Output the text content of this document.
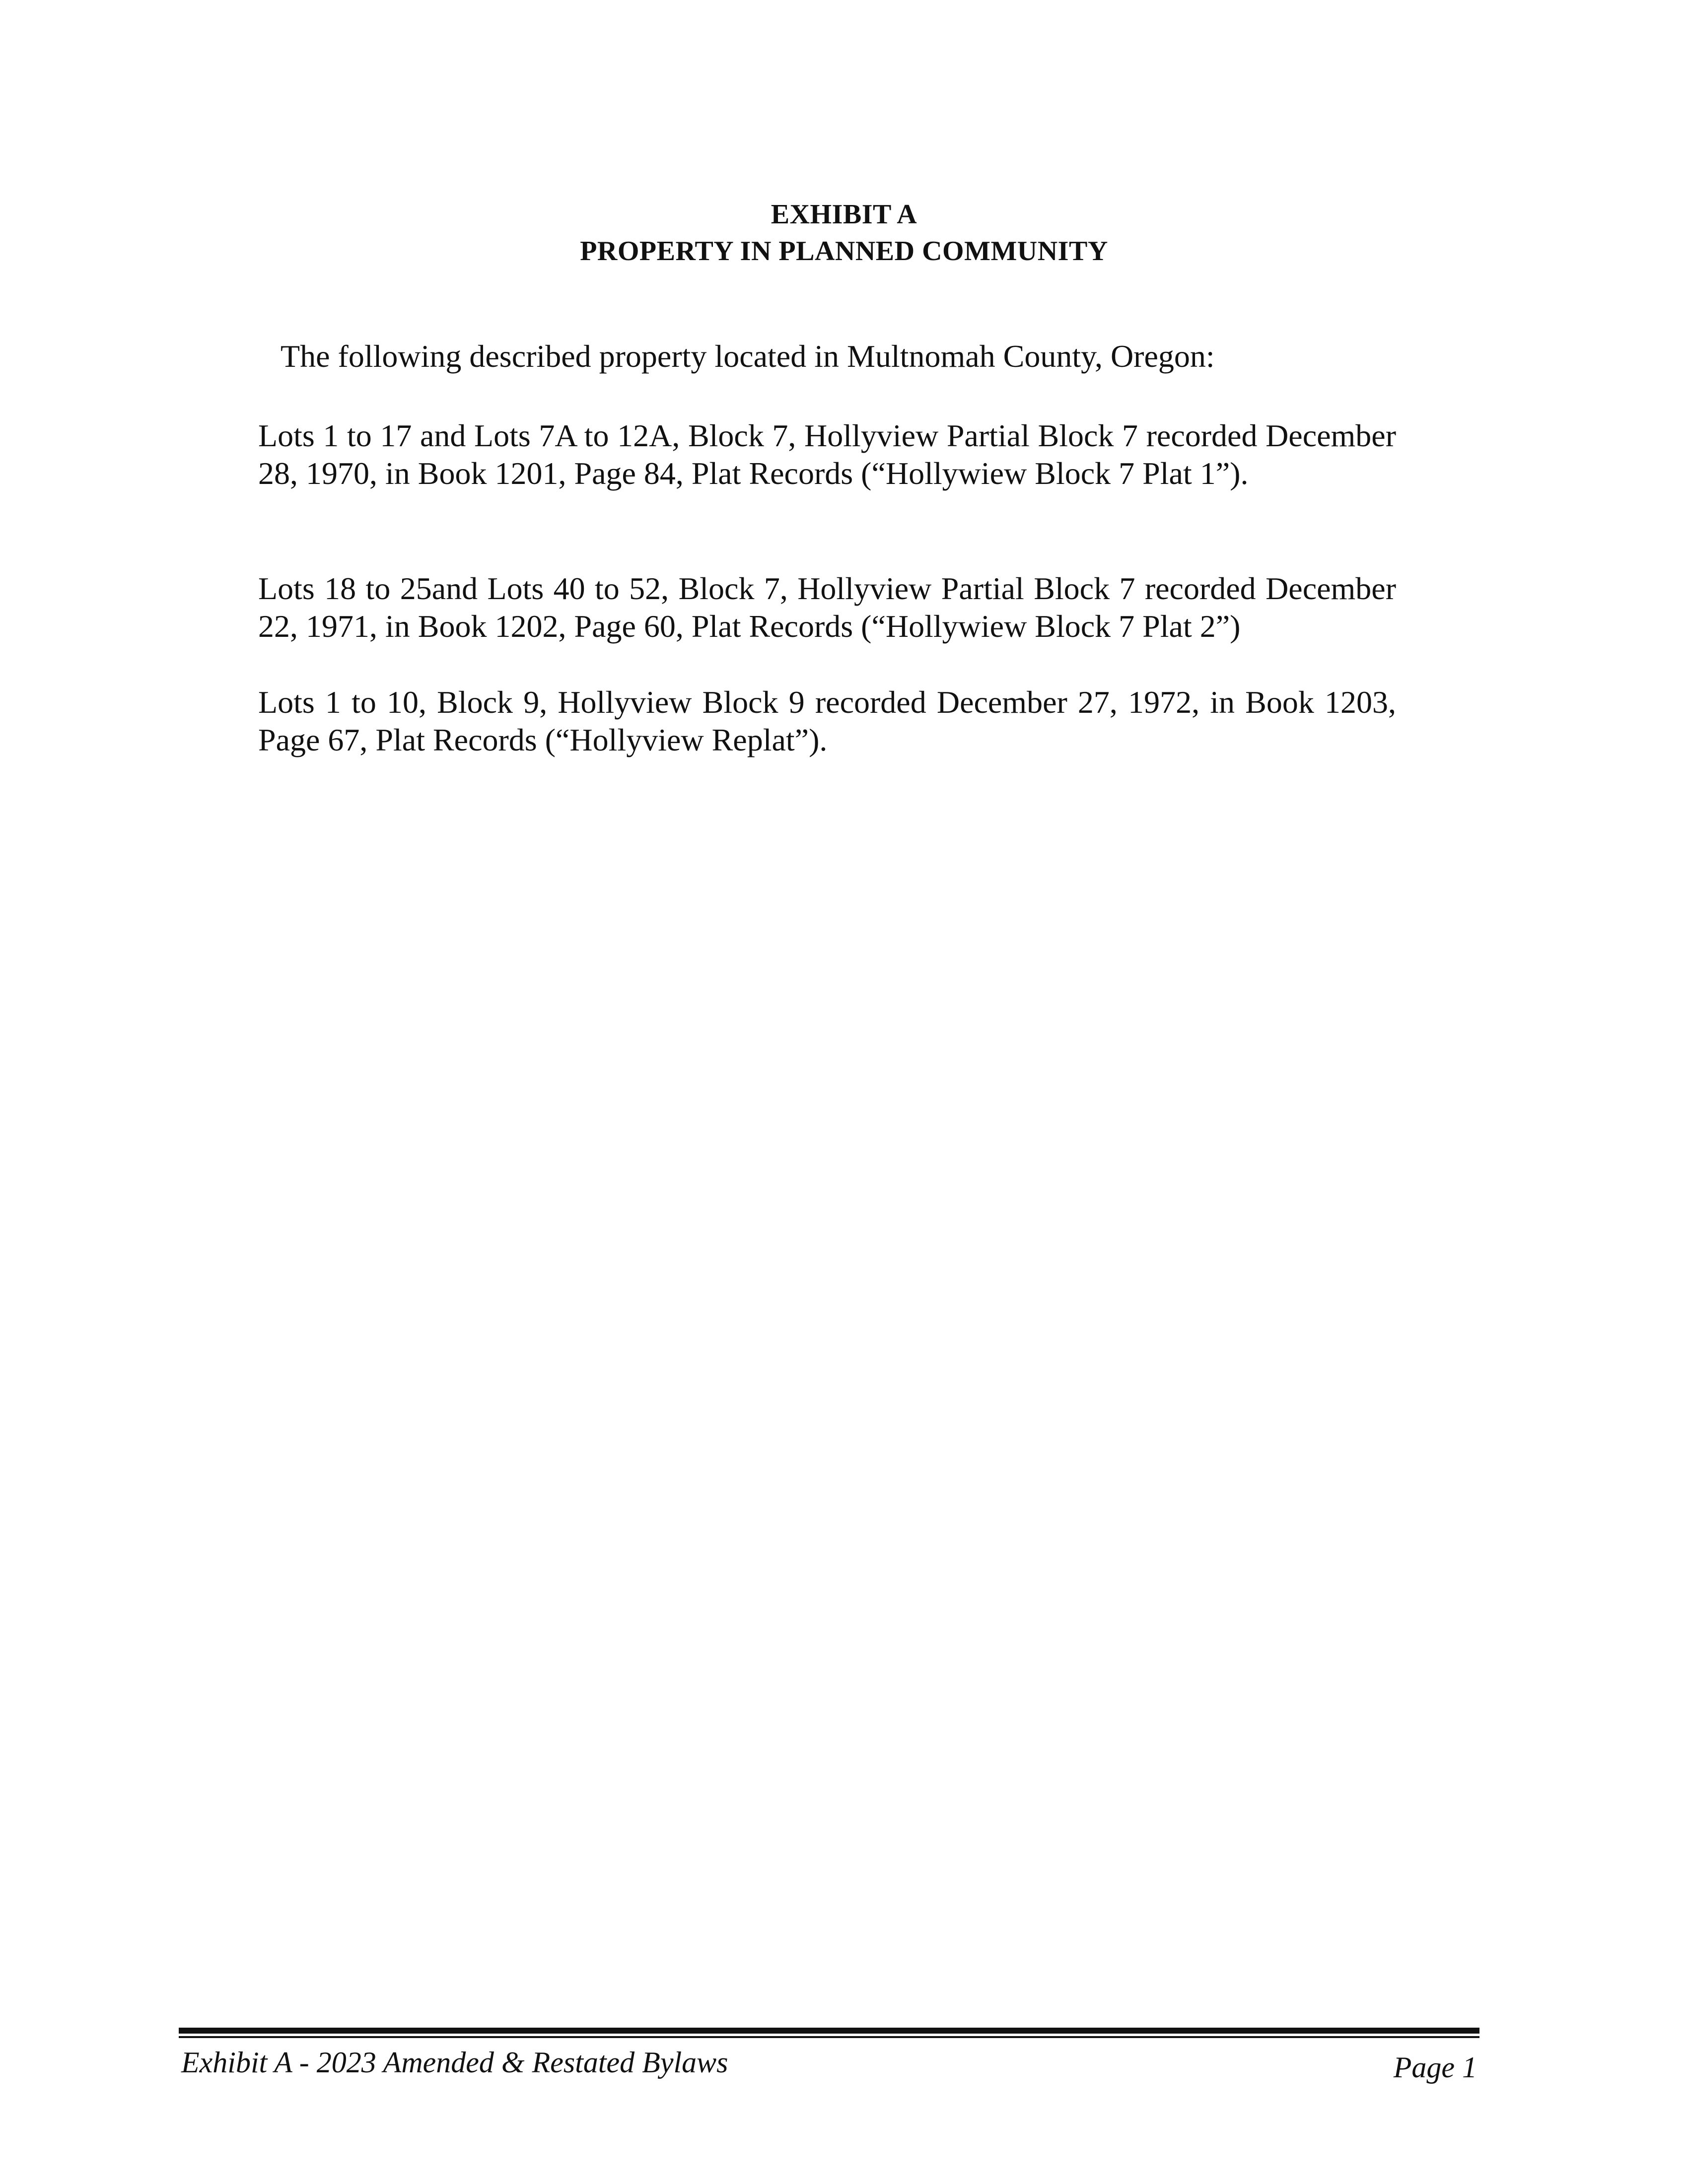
EXHIBIT A
PROPERTY IN PLANNED COMMUNITY
The following described property located in Multnomah County, Oregon:

Lots 1 to 17 and Lots 7A to 12A, Block 7, Hollyview Partial Block 7 recorded December 28, 1970, in Book 1201, Page 84, Plat Records (“Hollywiew Block 7 Plat 1”).

Lots 18 to 25and Lots 40 to 52, Block 7, Hollyview Partial Block 7 recorded December 22, 1971, in Book 1202, Page 60, Plat Records (“Hollywiew Block 7 Plat 2”)

Lots 1 to 10, Block 9, Hollyview Block 9 recorded December 27, 1972, in Book 1203, Page 67, Plat Records (“Hollyview Replat”).

Exhibit A - 2023 Amended & Restated Bylaws	Page 1
